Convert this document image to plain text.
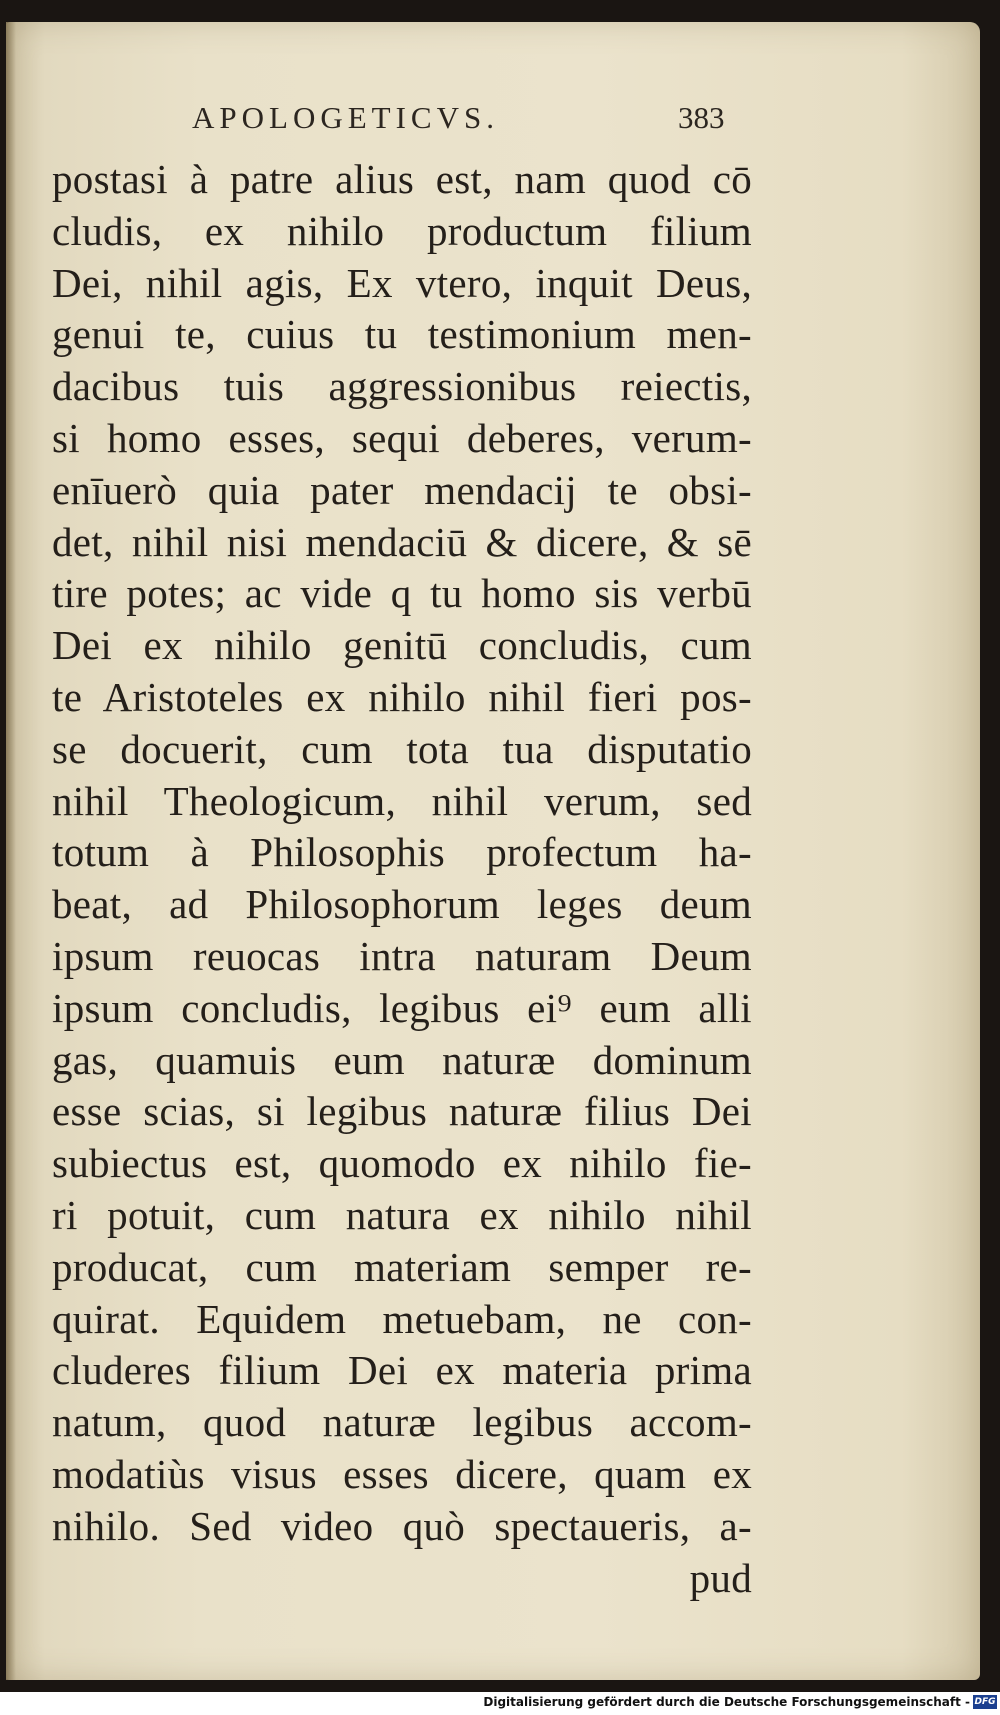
APOLOGETICVS.	383
postasi à patre alius est, nam quod cō
cludis, ex nihilo productum filium
Dei, nihil agis, Ex vtero, inquit Deus,
genui te, cuius tu testimonium men-
dacibus tuis aggressionibus reiectis,
si homo esses, sequi deberes, verum-
enīuerò quia pater mendacij te obsi-
det, nihil nisi mendaciū & dicere, & sē
tire potes; ac vide q tu homo sis verbū
Dei ex nihilo genitū concludis, cum
te Aristoteles ex nihilo nihil fieri pos-
se docuerit, cum tota tua disputatio
nihil Theologicum, nihil verum, sed
totum à Philosophis profectum ha-
beat, ad Philosophorum leges deum
ipsum reuocas intra naturam Deum
ipsum concludis, legibus ei⁹ eum alli
gas, quamuis eum naturæ dominum
esse scias, si legibus naturæ filius Dei
subiectus est, quomodo ex nihilo fie-
ri potuit, cum natura ex nihilo nihil
producat, cum materiam semper re-
quirat. Equidem metuebam, ne con-
cluderes filium Dei ex materia prima
natum, quod naturæ legibus accom-
modatiùs visus esses dicere, quam ex
nihilo. Sed video quò spectaueris, a-
pud
Digitalisierung gefördert durch die Deutsche Forschungsgemeinschaft - DFG
